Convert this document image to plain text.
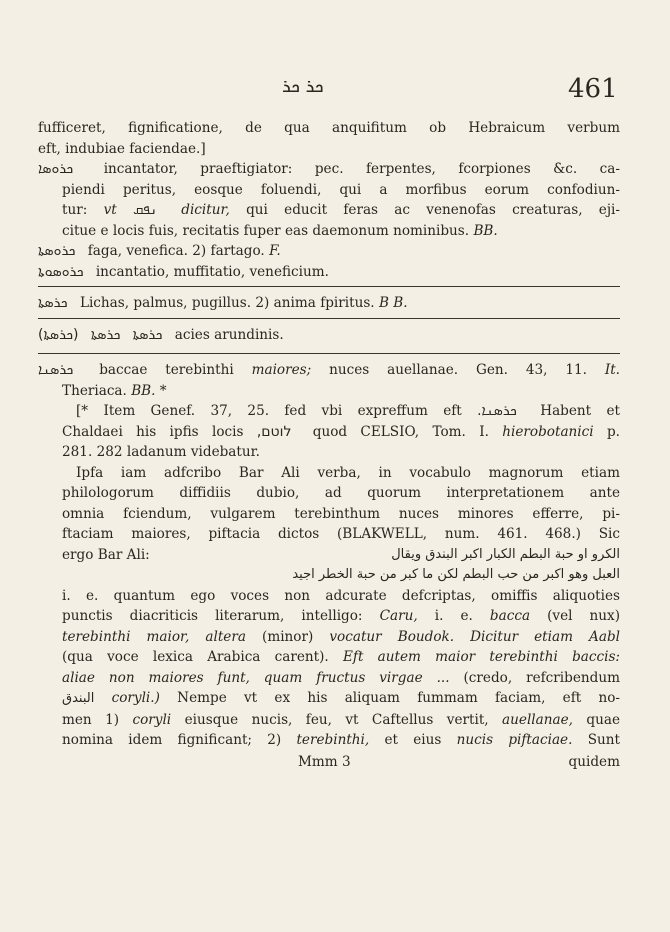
ܟܪ ܟܪ	461
fufficeret, fignificatione, de qua anquifitum ob Hebraicum verbum
eft, indubiae faciendae.]
ܟܪܘܣܐ incantator, praeftigiator: pec. ferpentes, fcorpiones &c. ca-
piendi peritus, eosque foluendi, qui a morfibus eorum confodiun-
tur: vt ܢܦܩ dicitur, qui educit feras ac venenofas creaturas, eji-
citue e locis fuis, recitatis fuper eas daemonum nominibus. BB.
ܟܪܘܣܬܐ faga, venefica. 2) fartago. F.
ܟܪܘܣܘܬܐ incantatio, muffitatio, veneficium.
ܟܪܣܬܐ Lichas, palmus, pugillus. 2) anima fpiritus. B B.
(ܟܪܣܬܐ) ܟܪܣܬܐ ܟܪܣܬܐ acies arundinis.
ܟܪܣܢܐ baccae terebinthi maiores; nuces auellanae. Gen. 43, 11. It.
Theriaca. BB. *
[* Item Genef. 37, 25. fed vbi expreffum eft ܟܪܣܢܐ. Habent et
Chaldaei his ipfis locis לוטם, quod CELSIO, Tom. I. hierobotanici p.
281. 282 ladanum videbatur.
Ipfa iam adfcribo Bar Ali verba, in vocabulo magnorum etiam
philologorum diffidiis dubio, ad quorum interpretationem ante
omnia fciendum, vulgarem terebinthum nuces minores efferre, pi-
ftaciam maiores, piftacia dictos (BLAKWELL, num. 461. 468.) Sic
ergo Bar Ali:	الكرو او حبة البطم الكبار اكبر البندق ويقال
العبل وهو اكبر من حب البطم لكن ما كبر من حبة الخطر اجيد
i. e. quantum ego voces non adcurate defcriptas, omiffis aliquoties
punctis diacriticis literarum, intelligo: Caru, i. e. bacca (vel nux)
terebinthi maior, altera (minor) vocatur Boudok. Dicitur etiam Aabl
(qua voce lexica Arabica carent). Eft autem maior terebinthi baccis:
aliae non maiores funt, quam fructus virgae ... (credo, refcribendum
البندق coryli.) Nempe vt ex his aliquam fummam faciam, eft no-
men 1) coryli eiusque nucis, feu, vt Caftellus vertit, auellanae, quae
nomina idem fignificant; 2) terebinthi, et eius nucis piftaciae. Sunt
Mmm 3	quidem
